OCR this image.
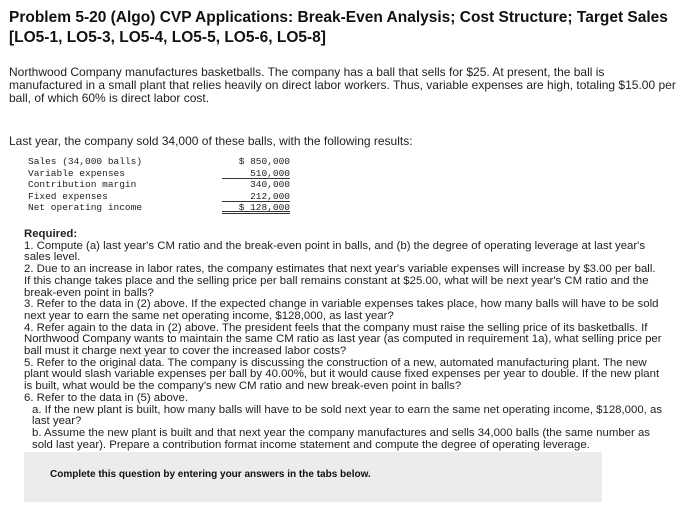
Problem 5-20 (Algo) CVP Applications: Break-Even Analysis; Cost Structure; Target Sales [LO5-1, LO5-3, LO5-4, LO5-5, LO5-6, LO5-8]
Northwood Company manufactures basketballs. The company has a ball that sells for $25. At present, the ball is manufactured in a small plant that relies heavily on direct labor workers. Thus, variable expenses are high, totaling $15.00 per ball, of which 60% is direct labor cost.
Last year, the company sold 34,000 of these balls, with the following results:
Sales (34,000 balls)	$ 850,000
Variable expenses	510,000
Contribution margin	340,000
Fixed expenses	212,000
Net operating income	$ 128,000
Required:
1. Compute (a) last year's CM ratio and the break-even point in balls, and (b) the degree of operating leverage at last year's sales level.
2. Due to an increase in labor rates, the company estimates that next year's variable expenses will increase by $3.00 per ball. If this change takes place and the selling price per ball remains constant at $25.00, what will be next year's CM ratio and the break-even point in balls?
3. Refer to the data in (2) above. If the expected change in variable expenses takes place, how many balls will have to be sold next year to earn the same net operating income, $128,000, as last year?
4. Refer again to the data in (2) above. The president feels that the company must raise the selling price of its basketballs. If Northwood Company wants to maintain the same CM ratio as last year (as computed in requirement 1a), what selling price per ball must it charge next year to cover the increased labor costs?
5. Refer to the original data. The company is discussing the construction of a new, automated manufacturing plant. The new plant would slash variable expenses per ball by 40.00%, but it would cause fixed expenses per year to double. If the new plant is built, what would be the company's new CM ratio and new break-even point in balls?
6. Refer to the data in (5) above.
a. If the new plant is built, how many balls will have to be sold next year to earn the same net operating income, $128,000, as last year?
b. Assume the new plant is built and that next year the company manufactures and sells 34,000 balls (the same number as sold last year). Prepare a contribution format income statement and compute the degree of operating leverage.
Complete this question by entering your answers in the tabs below.
